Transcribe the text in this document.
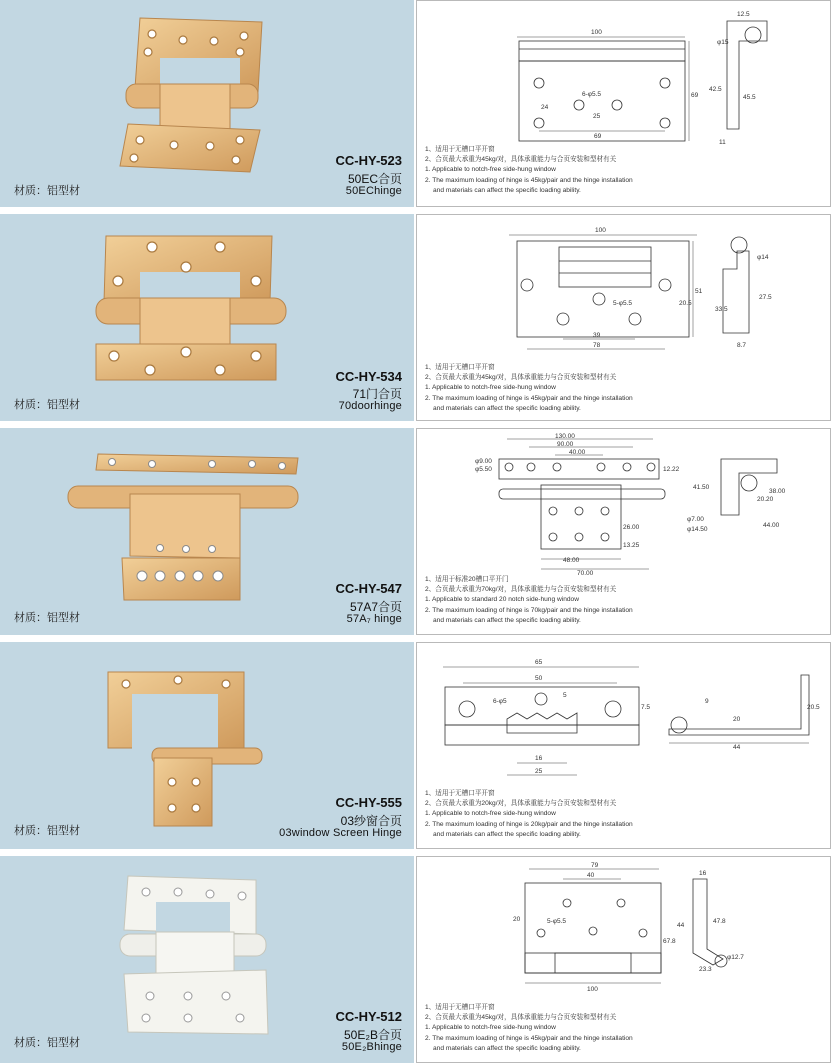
材质：铝型材
CC-HY-523
50EC合页
50EChinge
100
6-φ5.5
24
25
69
69
12.5
φ15
42.5
45.5
11
1、适用于无槽口平开窗
2、合页最大承重为45kg/对，具体承重能力与合页安装和型材有关
1. Applicable to notch-free side-hung window
2. The maximum loading of hinge is 45kg/pair and the hinge installation
and materials can affect the specific loading ability.
材质：铝型材
CC-HY-534
71门合页
70doorhinge
100
5-φ5.5
39
78
20.5
51
φ14
33.5
27.5
8.7
1、适用于无槽口平开窗
2、合页最大承重为45kg/对，具体承重能力与合页安装和型材有关
1. Applicable to notch-free side-hung window
2. The maximum loading of hinge is 45kg/pair and the hinge installation
and materials can affect the specific loading ability.
材质：铝型材
CC-HY-547
57A7合页
57A₇ hinge
130.00
90.00
40.00
φ9.00
φ5.50	12.22
26.00
13.25
48.00
70.00
41.50
38.00
20.20
φ7.00
φ14.50
44.00
1、适用于标准20槽口平开门
2、合页最大承重为70kg/对，具体承重能力与合页安装和型材有关
1. Applicable to standard 20 notch side-hung window
2. The maximum loading of hinge is 70kg/pair and the hinge installation
and materials can affect the specific loading ability.
材质：铝型材
CC-HY-555
03纱窗合页
03window Screen Hinge
65
50
6-φ5
5
7.5
16
25
9
20
20.5
44
1、适用于无槽口平开窗
2、合页最大承重为20kg/对，具体承重能力与合页安装和型材有关
1. Applicable to notch-free side-hung window
2. The maximum loading of hinge is 20kg/pair and the hinge installation
and materials can affect the specific loading ability.
材质：铝型材
CC-HY-512
50E₂B合页
50E₂Bhinge
79
40
5-φ5.5
20
67.8
100
16
44
47.8
φ12.7
23.3
1、适用于无槽口平开窗
2、合页最大承重为45kg/对，具体承重能力与合页安装和型材有关
1. Applicable to notch-free side-hung window
2. The maximum loading of hinge is 45kg/pair and the hinge installation
and materials can affect the specific loading ability.
